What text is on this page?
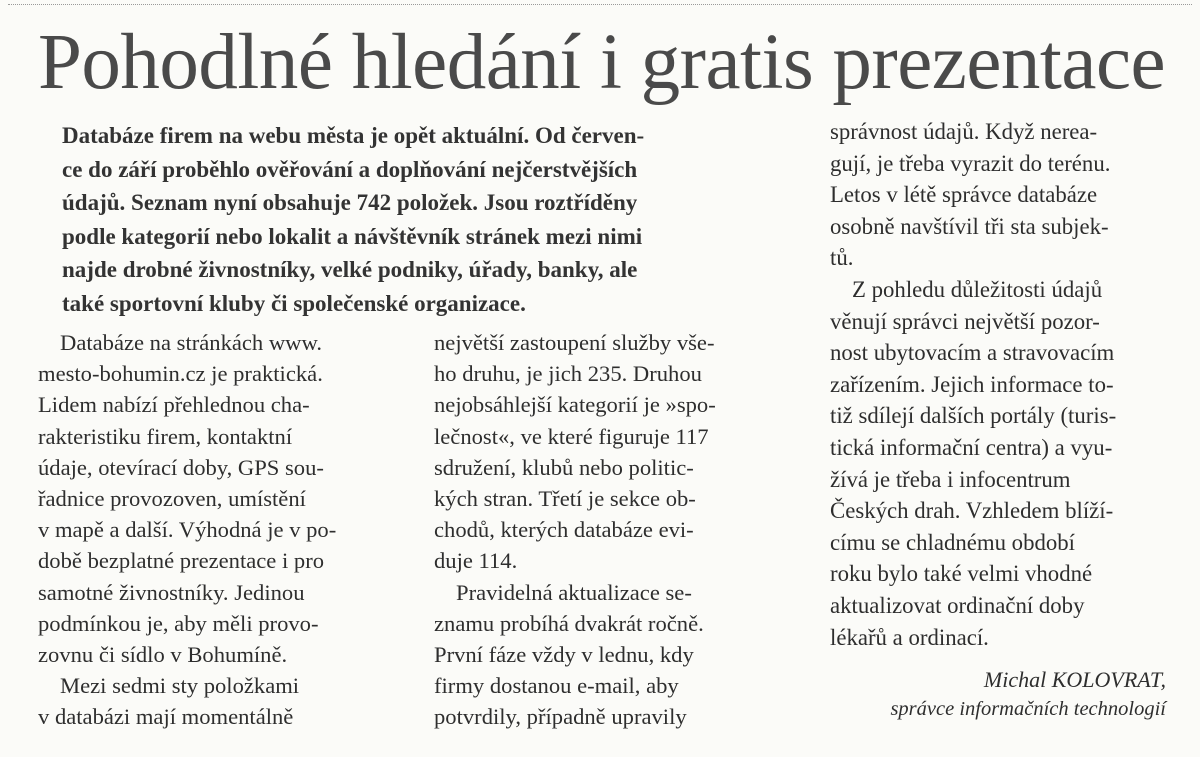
Pohodlné hledání i gratis prezentace
Databáze firem na webu města je opět aktuální. Od červen-
ce do září proběhlo ověřování a doplňování nejčerstvějších
údajů. Seznam nyní obsahuje 742 položek. Jsou roztříděny
podle kategorií nebo lokalit a návštěvník stránek mezi nimi
najde drobné živnostníky, velké podniky, úřady, banky, ale
také sportovní kluby či společenské organizace.
Databáze na stránkách www.
mesto-bohumin.cz je praktická.
Lidem nabízí přehlednou cha-
rakteristiku firem, kontaktní
údaje, otevírací doby, GPS sou-
řadnice provozoven, umístění
v mapě a další. Výhodná je v po-
době bezplatné prezentace i pro
samotné živnostníky. Jedinou
podmínkou je, aby měli provo-
zovnu či sídlo v Bohumíně.
Mezi sedmi sty položkami
v databázi mají momentálně
největší zastoupení služby vše-
ho druhu, je jich 235. Druhou
nejobsáhlejší kategorií je »spo-
lečnost«, ve které figuruje 117
sdružení, klubů nebo politic-
kých stran. Třetí je sekce ob-
chodů, kterých databáze evi-
duje 114.
Pravidelná aktualizace se-
znamu probíhá dvakrát ročně.
První fáze vždy v lednu, kdy
firmy dostanou e-mail, aby
potvrdily, případně upravily
správnost údajů. Když nerea-
gují, je třeba vyrazit do terénu.
Letos v létě správce databáze
osobně navštívil tři sta subjek-
tů.
Z pohledu důležitosti údajů
věnují správci největší pozor-
nost ubytovacím a stravovacím
zařízením. Jejich informace to-
tiž sdílejí dalších portály (turis-
tická informační centra) a vyu-
žívá je třeba i infocentrum
Českých drah. Vzhledem blíží-
címu se chladnému období
roku bylo také velmi vhodné
aktualizovat ordinační doby
lékařů a ordinací.
Michal KOLOVRAT,
správce informačních technologií
